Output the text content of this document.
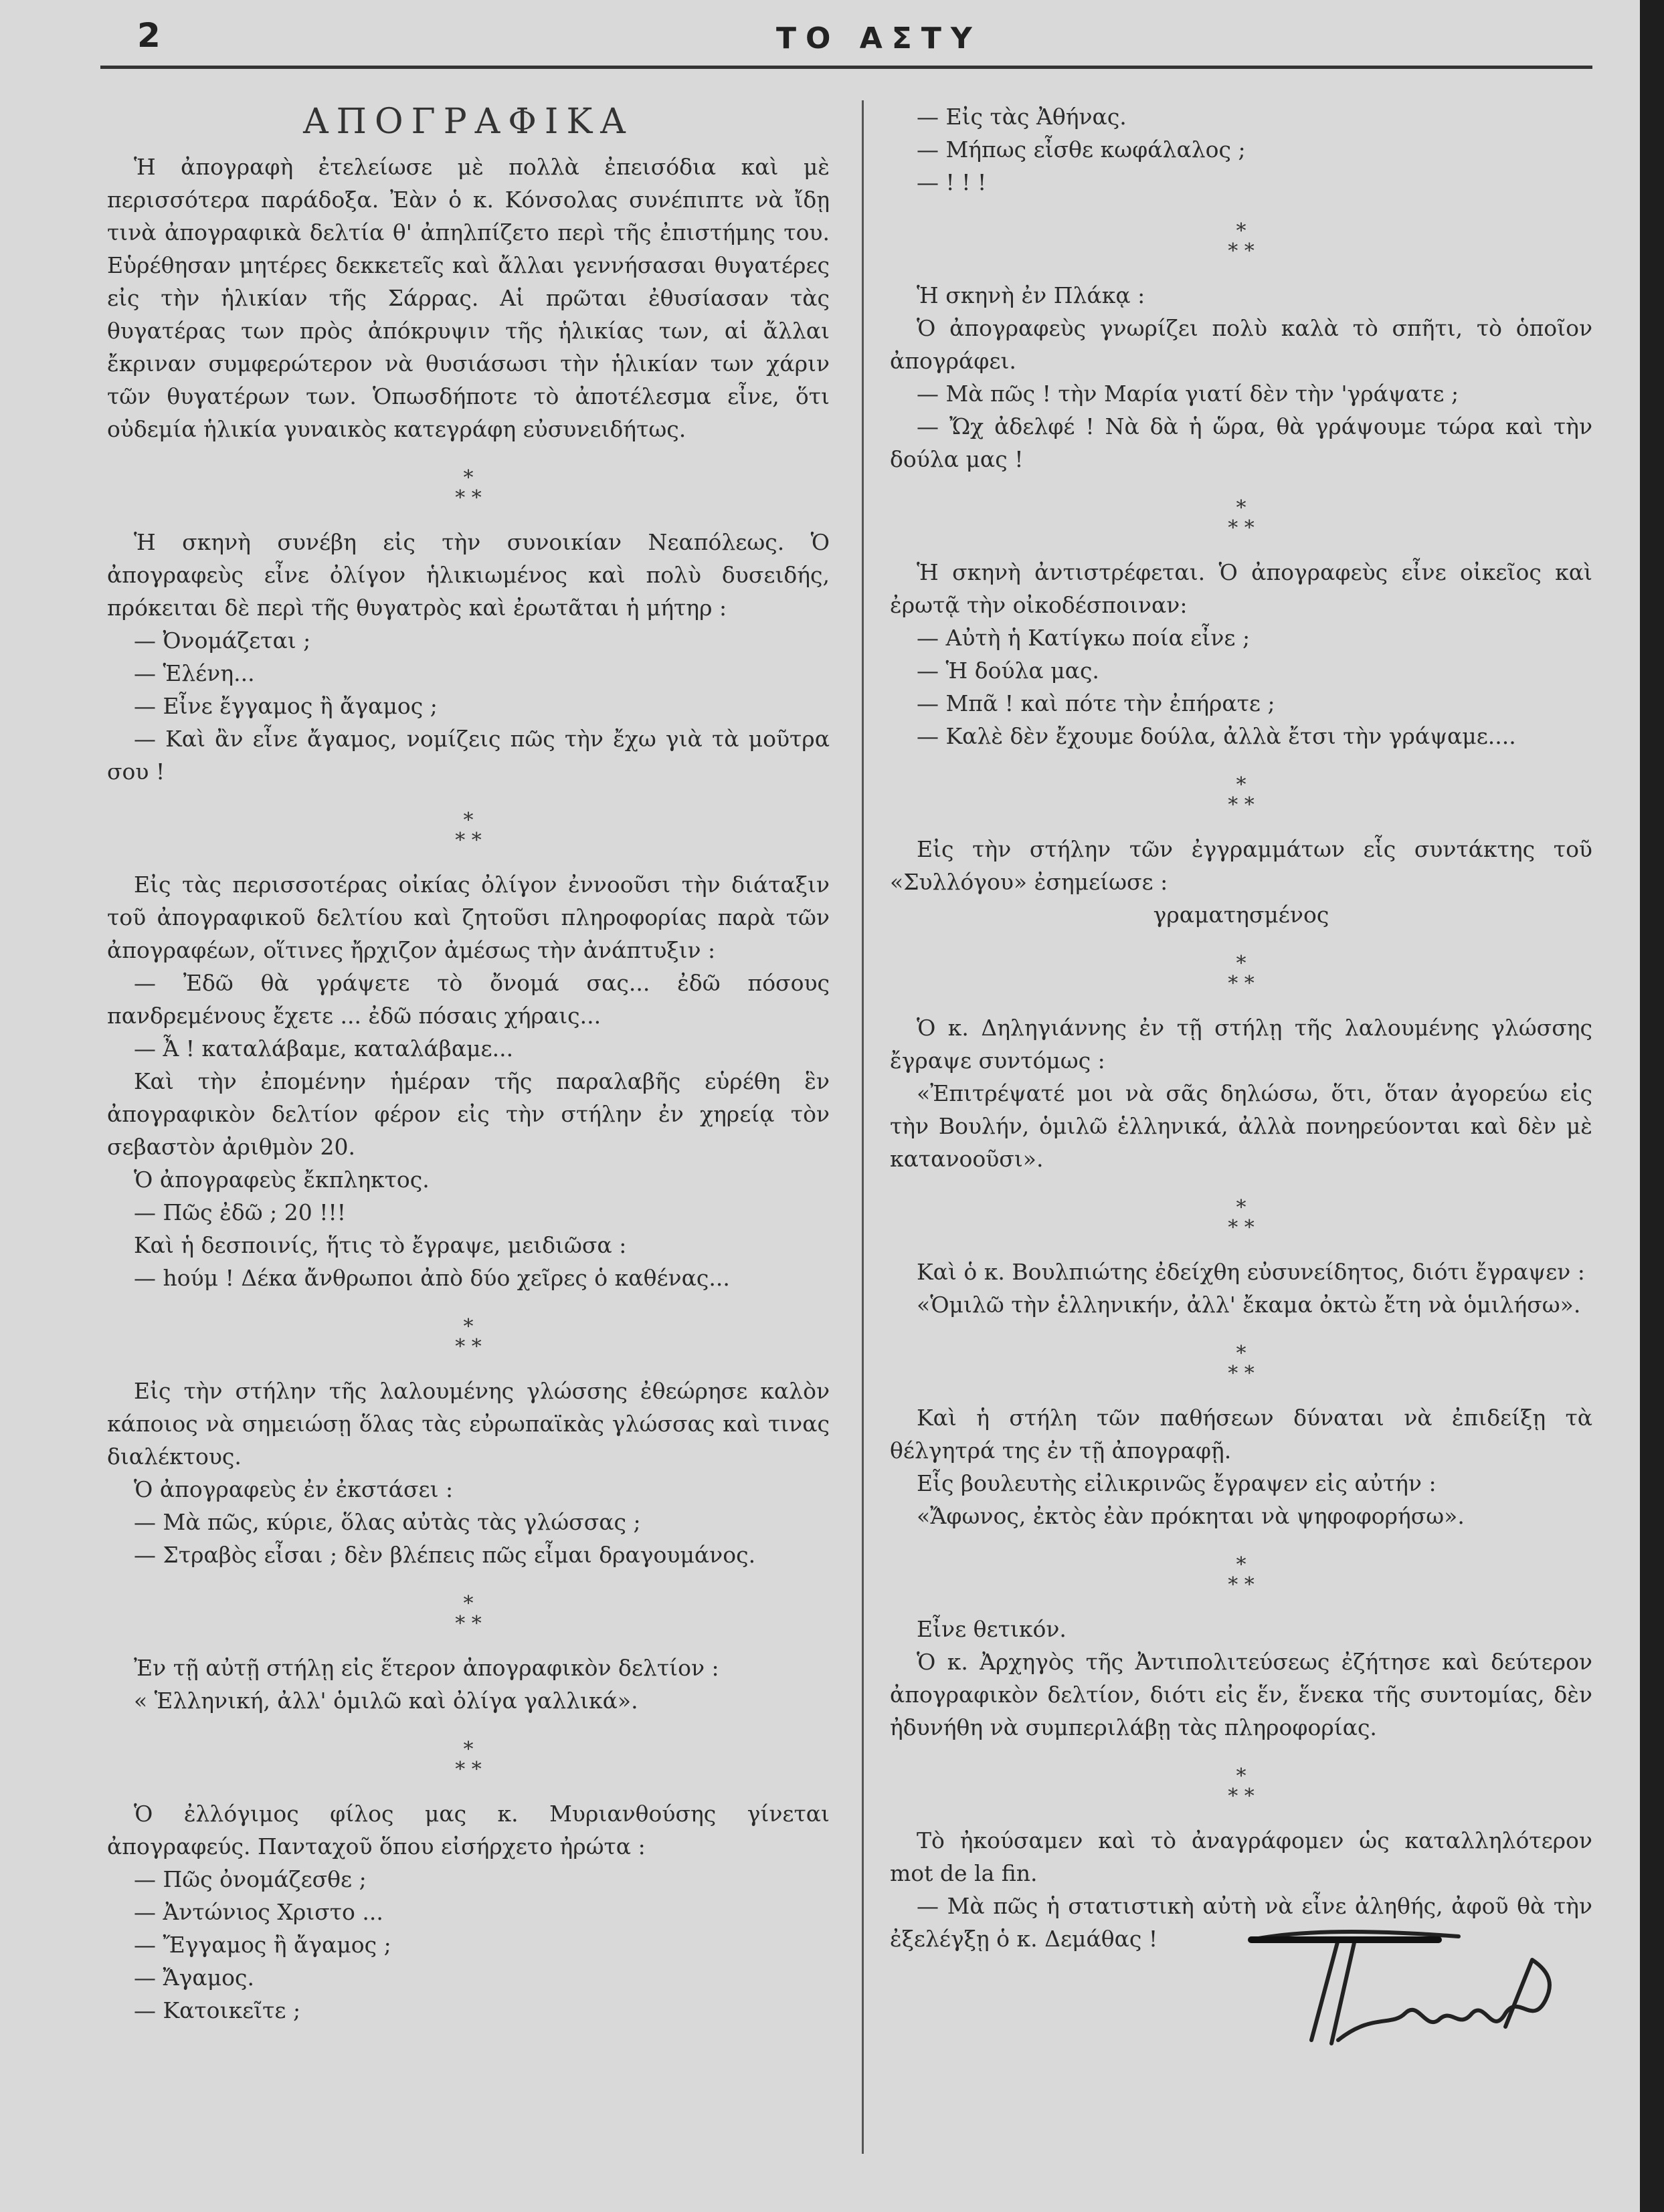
2	ΤΟ ΑΣΤΥ
ΑΠΟΓΡΑΦΙΚΑ

Ἡ ἀπογραφὴ ἐτελείωσε μὲ πολλὰ ἐπεισόδια καὶ μὲ περισσότερα παράδοξα. Ἐὰν ὁ κ. Κόνσολας συνέπιπτε νὰ ἴδῃ τινὰ ἀπογραφικὰ δελτία θ' ἀπηλπίζετο περὶ τῆς ἐπιστήμης του. Εὑρέθησαν μητέρες δεκκετεῖς καὶ ἄλλαι γεννήσασαι θυγατέρες εἰς τὴν ἡλικίαν τῆς Σάρρας. Αἱ πρῶται ἐθυσίασαν τὰς θυγατέρας των πρὸς ἀπόκρυψιν τῆς ἡλικίας των, αἱ ἄλλαι ἔκριναν συμφερώτερον νὰ θυσιάσωσι τὴν ἡλικίαν των χάριν τῶν θυγατέρων των. Ὁπωσδήποτε τὸ ἀποτέλεσμα εἶνε, ὅτι οὐδεμία ἡλικία γυναικὸς κατεγράφη εὐσυνειδήτως.

*
* *

Ἡ σκηνὴ συνέβη εἰς τὴν συνοικίαν Νεαπόλεως. Ὁ ἀπογραφεὺς εἶνε ὀλίγον ἡλικιωμένος καὶ πολὺ δυσειδής, πρόκειται δὲ περὶ τῆς θυγατρὸς καὶ ἐρωτᾶται ἡ μήτηρ :

— Ὀνομάζεται ;

— Ἑλένη...

— Εἶνε ἔγγαμος ἢ ἄγαμος ;

— Καὶ ἂν εἶνε ἄγαμος, νομίζεις πῶς τὴν ἔχω γιὰ τὰ μοῦτρα σου !

*
* *

Εἰς τὰς περισσοτέρας οἰκίας ὀλίγον ἐννοοῦσι τὴν διάταξιν τοῦ ἀπογραφικοῦ δελτίου καὶ ζητοῦσι πληροφορίας παρὰ τῶν ἀπογραφέων, οἵτινες ἤρχιζον ἀμέσως τὴν ἀνάπτυξιν :

— Ἐδῶ θὰ γράψετε τὸ ὄνομά σας... ἐδῶ πόσους πανδρεμένους ἔχετε ... ἐδῶ πόσαις χήραις...

— Ἆ ! καταλάβαμε, καταλάβαμε...

Καὶ τὴν ἐπομένην ἡμέραν τῆς παραλαβῆς εὑρέθη ἓν ἀπογραφικὸν δελτίον φέρον εἰς τὴν στήλην ἐν χηρείᾳ τὸν σεβαστὸν ἀριθμὸν 20.

Ὁ ἀπογραφεὺς ἔκπληκτος.

— Πῶς ἐδῶ ; 20 !!!

Καὶ ἡ δεσποινίς, ἥτις τὸ ἔγραψε, μειδιῶσα :

— hούμ ! Δέκα ἄνθρωποι ἀπὸ δύο χεῖρες ὁ καθένας...

*
* *

Εἰς τὴν στήλην τῆς λαλουμένης γλώσσης ἐθεώρησε καλὸν κάποιος νὰ σημειώσῃ ὅλας τὰς εὐρωπαϊκὰς γλώσσας καὶ τινας διαλέκτους.

Ὁ ἀπογραφεὺς ἐν ἐκστάσει :

— Μὰ πῶς, κύριε, ὅλας αὐτὰς τὰς γλώσσας ;

— Στραβὸς εἶσαι ; δὲν βλέπεις πῶς εἶμαι δραγουμάνος.

*
* *

Ἐν τῇ αὐτῇ στήλῃ εἰς ἕτερον ἀπογραφικὸν δελτίον :

« Ἑλληνική, ἀλλ' ὁμιλῶ καὶ ὀλίγα γαλλικά».

*
* *

Ὁ ἐλλόγιμος φίλος μας κ. Μυριανθούσης γίνεται ἀπογραφεύς. Πανταχοῦ ὅπου εἰσήρχετο ἠρώτα :

— Πῶς ὀνομάζεσθε ;

— Ἀντώνιος Χριστο ...

— Ἔγγαμος ἢ ἄγαμος ;

— Ἄγαμος.

— Κατοικεῖτε ;

— Εἰς τὰς Ἀθήνας.

— Μήπως εἶσθε κωφάλαλος ;

— ! ! !

*
* *

Ἡ σκηνὴ ἐν Πλάκᾳ :

Ὁ ἀπογραφεὺς γνωρίζει πολὺ καλὰ τὸ σπῆτι, τὸ ὁποῖον ἀπογράφει.

— Μὰ πῶς ! τὴν Μαρία γιατί δὲν τὴν 'γράψατε ;

— Ὤχ ἀδελφέ ! Νὰ δὰ ἡ ὥρα, θὰ γράψουμε τώρα καὶ τὴν δούλα μας !

*
* *

Ἡ σκηνὴ ἀντιστρέφεται. Ὁ ἀπογραφεὺς εἶνε οἰκεῖος καὶ ἐρωτᾷ τὴν οἰκοδέσποιναν:

— Αὐτὴ ἡ Κατίγκω ποία εἶνε ;

— Ἡ δούλα μας.

— Μπᾶ ! καὶ πότε τὴν ἐπήρατε ;

— Καλὲ δὲν ἔχουμε δούλα, ἀλλὰ ἔτσι τὴν γράψαμε....

*
* *

Εἰς τὴν στήλην τῶν ἐγγραμμάτων εἷς συντάκτης τοῦ «Συλλόγου» ἐσημείωσε :

γραματησμένος

*
* *

Ὁ κ. Δηληγιάννης ἐν τῇ στήλῃ τῆς λαλουμένης γλώσσης ἔγραψε συντόμως :

«Ἐπιτρέψατέ μοι νὰ σᾶς δηλώσω, ὅτι, ὅταν ἀγορεύω εἰς τὴν Βουλήν, ὁμιλῶ ἑλληνικά, ἀλλὰ πονηρεύονται καὶ δὲν μὲ κατανοοῦσι».

*
* *

Καὶ ὁ κ. Βουλπιώτης ἐδείχθη εὐσυνείδητος, διότι ἔγραψεν :

«Ὁμιλῶ τὴν ἑλληνικήν, ἀλλ' ἔκαμα ὀκτὼ ἔτη νὰ ὁμιλήσω».

*
* *

Καὶ ἡ στήλη τῶν παθήσεων δύναται νὰ ἐπιδείξῃ τὰ θέλγητρά της ἐν τῇ ἀπογραφῇ.

Εἷς βουλευτὴς εἰλικρινῶς ἔγραψεν εἰς αὐτήν :

«Ἄφωνος, ἐκτὸς ἐὰν πρόκηται νὰ ψηφοφορήσω».

*
* *

Εἶνε θετικόν.

Ὁ κ. Ἀρχηγὸς τῆς Ἀντιπολιτεύσεως ἐζήτησε καὶ δεύτερον ἀπογραφικὸν δελτίον, διότι εἰς ἕν, ἕνεκα τῆς συντομίας, δὲν ἠδυνήθη νὰ συμπεριλάβῃ τὰς πληροφορίας.

*
* *

Τὸ ἠκούσαμεν καὶ τὸ ἀναγράφομεν ὡς καταλληλότερον mot de la fin.

— Μὰ πῶς ἡ στατιστικὴ αὐτὴ νὰ εἶνε ἀληθής, ἀφοῦ θὰ τὴν ἐξελέγξῃ ὁ κ. Δεμάθας !
